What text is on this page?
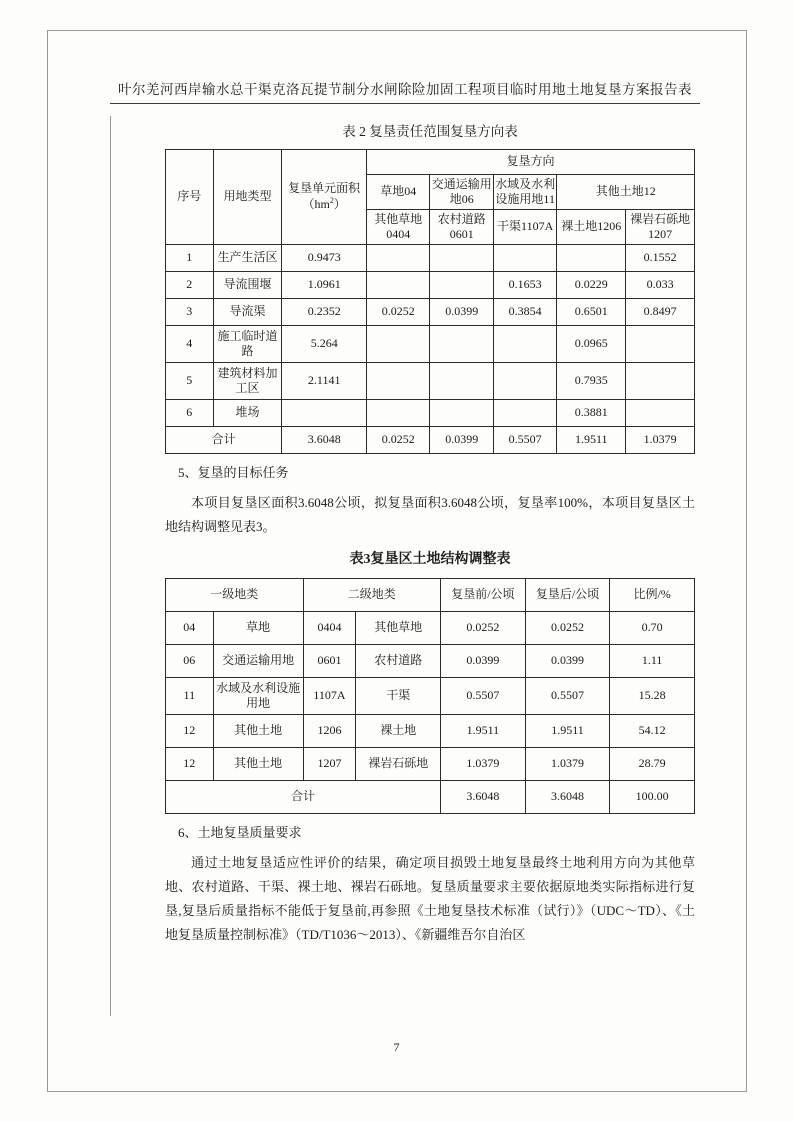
叶尔羌河西岸输水总干渠克洛瓦提节制分水闸除险加固工程项目临时用地土地复垦方案报告表
表 2 复垦责任范围复垦方向表
序号	用地类型	复垦单元面积$(hm^2)$	复垦方向				
			草地04	交通运输用地06	水域及水利设施用地11	其他土地12	
			其他草地0404	农村道路0601	干渠1107A	裸土地1206	裸岩石砾地1207
1	生产生活区	0.9473					0.1552
2	导流围堰	1.0961			0.1653	0.0229	0.033
3	导流渠	0.2352	0.0252	0.0399	0.3854	0.6501	0.8497
4	施工临时道路	5.264				0.0965	
5	建筑材料加工区	2.1141				0.7935	
6	堆场					0.3881	
合计		3.6048	0.0252	0.0399	0.5507	1.9511	1.0379
5、复垦的目标任务
本项目复垦区面积3.6048公顷，拟复垦面积3.6048公顷，复垦率100%，本项目复垦区土地结构调整见表3。
表3复垦区土地结构调整表
一级地类		二级地类		复垦前/公顷	复垦后/公顷	比例/%
04	草地	0404	其他草地	0.0252	0.0252	0.70
06	交通运输用地	0601	农村道路	0.0399	0.0399	1.11
11	水域及水利设施用地	1107A	干渠	0.5507	0.5507	15.28
12	其他土地	1206	裸土地	1.9511	1.9511	54.12
12	其他土地	1207	裸岩石砾地	1.0379	1.0379	28.79
合计				3.6048	3.6048	100.00
6、土地复垦质量要求
通过土地复垦适应性评价的结果，确定项目损毁土地复垦最终土地利用方向为其他草地、农村道路、干渠、裸土地、裸岩石砾地。复垦质量要求主要依据原地类实际指标进行复垦,复垦后质量指标不能低于复垦前,再参照《土地复垦技术标准（试行）》（UDC～TD）、《土地复垦质量控制标准》（TD/T1036～2013）、《新疆维吾尔自治区
7
